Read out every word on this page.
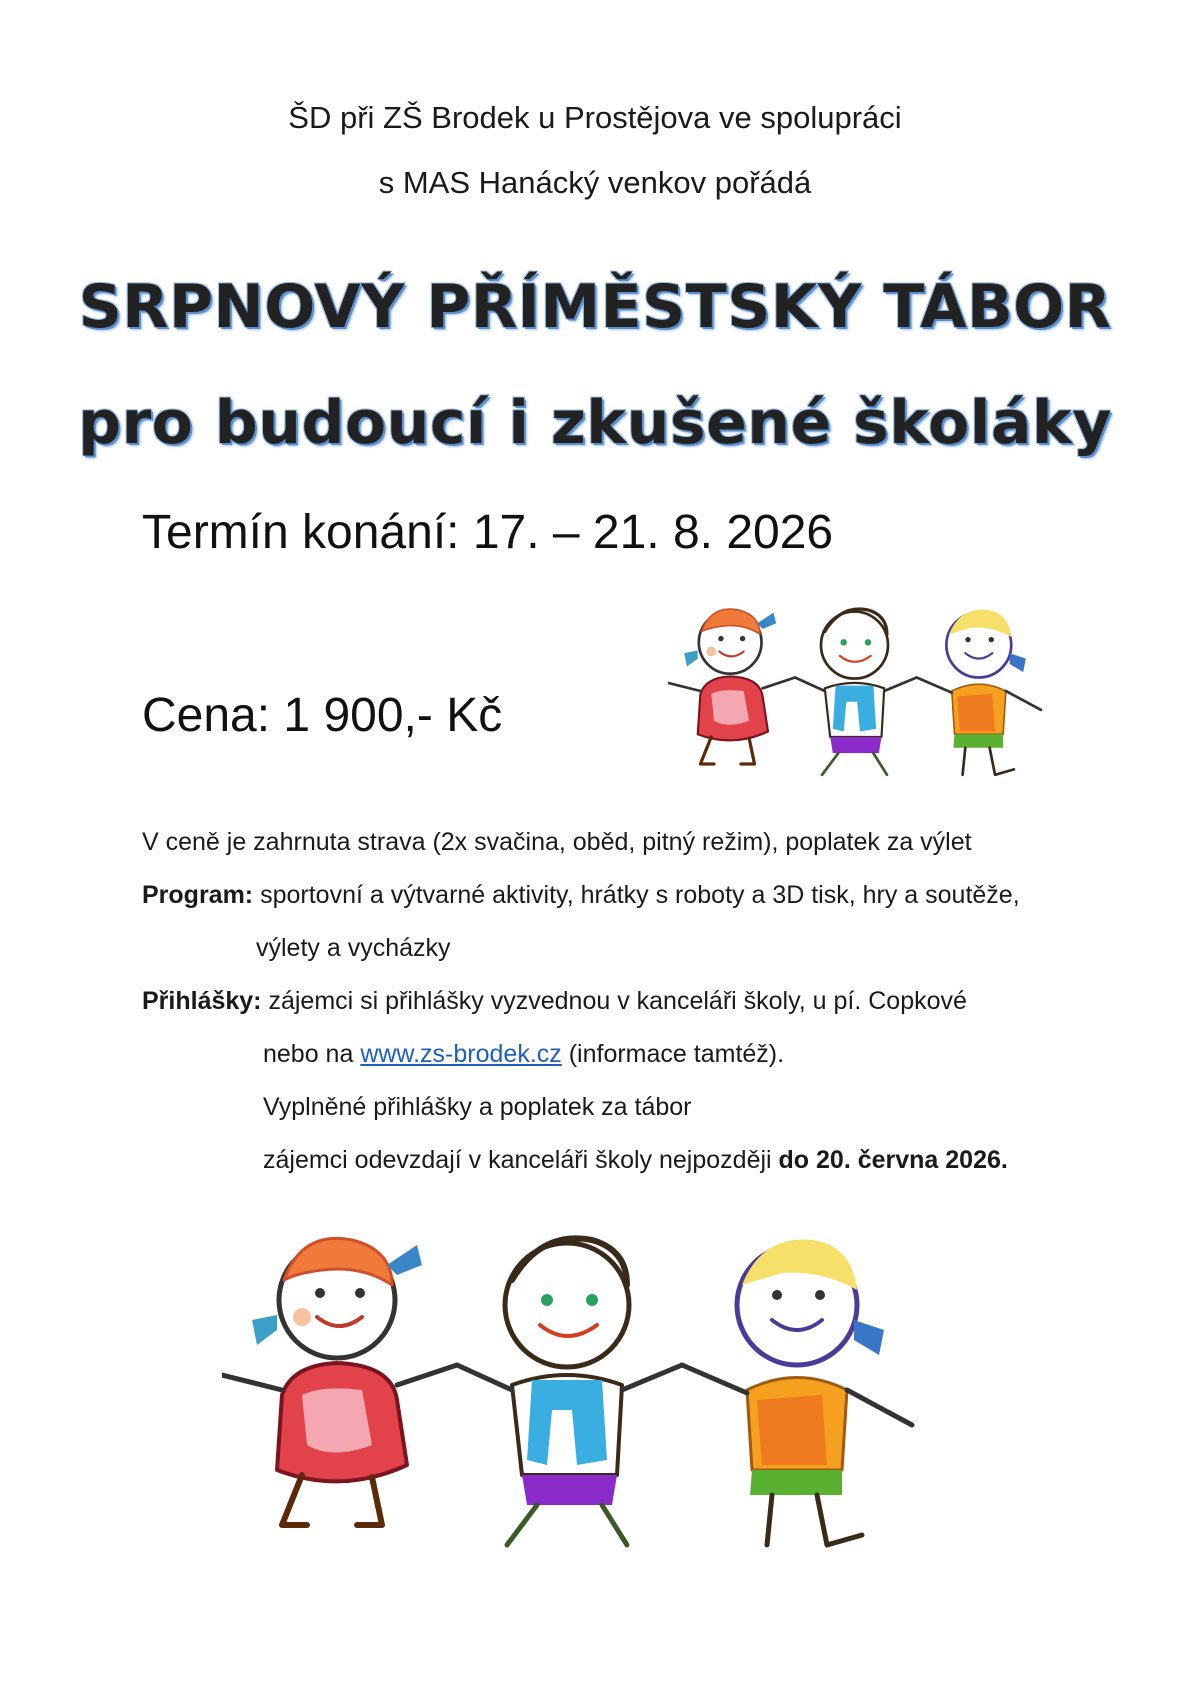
ŠD při ZŠ Brodek u Prostějova ve spolupráci
s MAS Hanácký venkov pořádá
SRPNOVÝ PŘÍMĚSTSKÝ TÁBOR
pro budoucí i zkušené školáky
Termín konání: 17. – 21. 8. 2026
Cena: 1 900,- Kč
V ceně je zahrnuta strava (2x svačina, oběd, pitný režim), poplatek za výlet
Program: sportovní a výtvarné aktivity, hrátky s roboty a 3D tisk, hry a soutěže,
výlety a vycházky
Přihlášky: zájemci si přihlášky vyzvednou v kanceláři školy, u pí. Copkové
nebo na www.zs-brodek.cz (informace tamtéž).
Vyplněné přihlášky a poplatek za tábor
zájemci odevzdají v kanceláři školy nejpozději do 20. června 2026.
